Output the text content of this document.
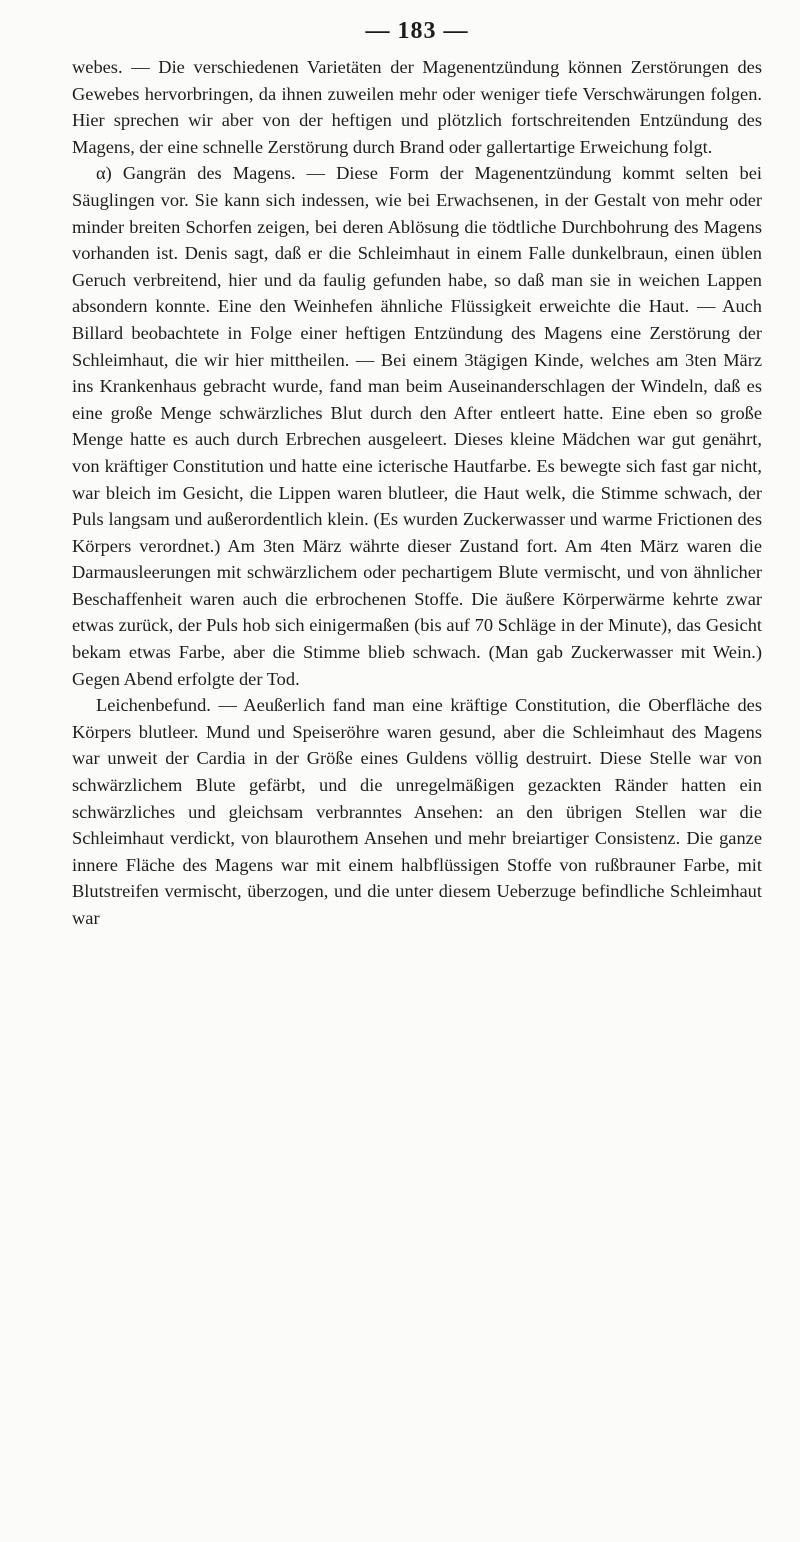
— 183 —

webes. — Die verschiedenen Varietäten der Magenentzündung können Zerstörungen des Gewebes hervorbringen, da ihnen zuweilen mehr oder weniger tiefe Verschwärungen folgen. Hier sprechen wir aber von der heftigen und plötzlich fortschreitenden Entzündung des Magens, der eine schnelle Zerstörung durch Brand oder gallertartige Erweichung folgt.

α) Gangrän des Magens. — Diese Form der Magenentzündung kommt selten bei Säuglingen vor. Sie kann sich indessen, wie bei Erwachsenen, in der Gestalt von mehr oder minder breiten Schorfen zeigen, bei deren Ablösung die tödtliche Durchbohrung des Magens vorhanden ist. Denis sagt, daß er die Schleimhaut in einem Falle dunkelbraun, einen üblen Geruch verbreitend, hier und da faulig gefunden habe, so daß man sie in weichen Lappen absondern konnte. Eine den Weinhefen ähnliche Flüssigkeit erweichte die Haut. — Auch Billard beobachtete in Folge einer heftigen Entzündung des Magens eine Zerstörung der Schleimhaut, die wir hier mittheilen. — Bei einem 3tägigen Kinde, welches am 3ten März ins Krankenhaus gebracht wurde, fand man beim Auseinanderschlagen der Windeln, daß es eine große Menge schwärzliches Blut durch den After entleert hatte. Eine eben so große Menge hatte es auch durch Erbrechen ausgeleert. Dieses kleine Mädchen war gut genährt, von kräftiger Constitution und hatte eine icterische Hautfarbe. Es bewegte sich fast gar nicht, war bleich im Gesicht, die Lippen waren blutleer, die Haut welk, die Stimme schwach, der Puls langsam und außerordentlich klein. (Es wurden Zuckerwasser und warme Frictionen des Körpers verordnet.) Am 3ten März währte dieser Zustand fort. Am 4ten März waren die Darmausleerungen mit schwärzlichem oder pechartigem Blute vermischt, und von ähnlicher Beschaffenheit waren auch die erbrochenen Stoffe. Die äußere Körperwärme kehrte zwar etwas zurück, der Puls hob sich einigermaßen (bis auf 70 Schläge in der Minute), das Gesicht bekam etwas Farbe, aber die Stimme blieb schwach. (Man gab Zuckerwasser mit Wein.) Gegen Abend erfolgte der Tod.

Leichenbefund. — Aeußerlich fand man eine kräftige Constitution, die Oberfläche des Körpers blutleer. Mund und Speiseröhre waren gesund, aber die Schleimhaut des Magens war unweit der Cardia in der Größe eines Guldens völlig destruirt. Diese Stelle war von schwärzlichem Blute gefärbt, und die unregelmäßigen gezackten Ränder hatten ein schwärzliches und gleichsam verbranntes Ansehen: an den übrigen Stellen war die Schleimhaut verdickt, von blaurothem Ansehen und mehr breiartiger Consistenz. Die ganze innere Fläche des Magens war mit einem halbflüssigen Stoffe von rußbrauner Farbe, mit Blutstreifen vermischt, überzogen, und die unter diesem Ueberzuge befindliche Schleimhaut war
